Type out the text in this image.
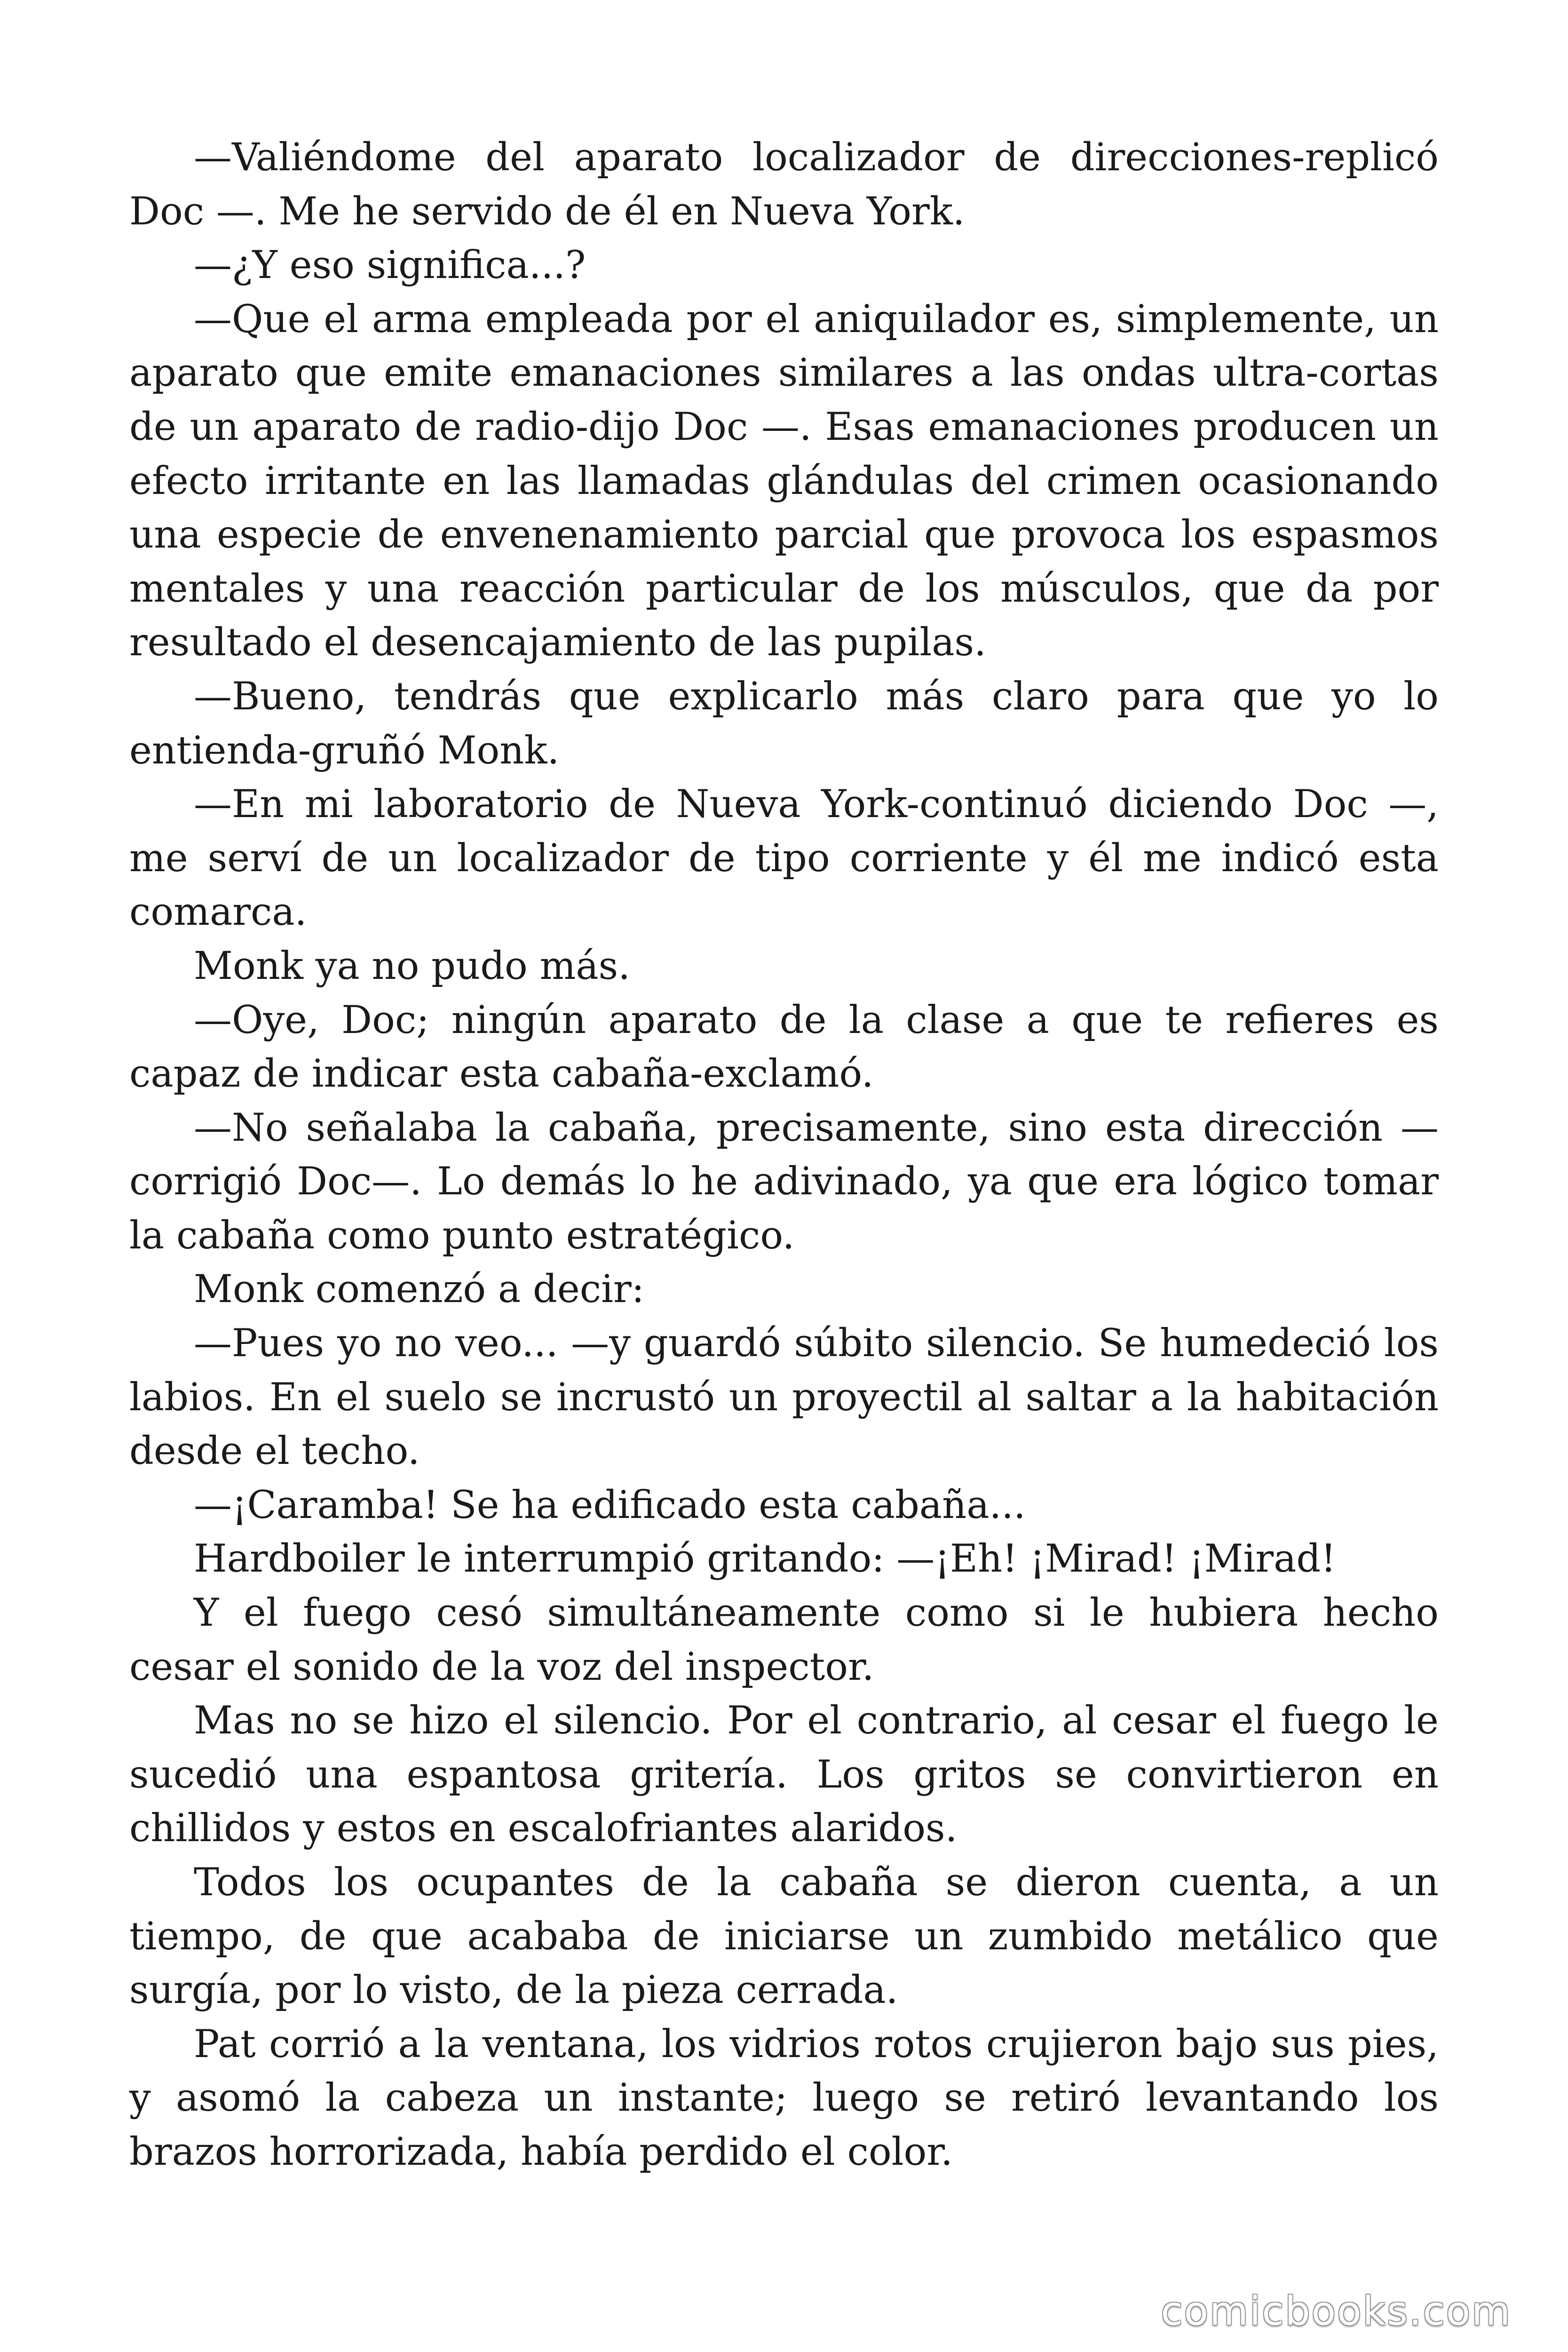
—Valiéndome del aparato localizador de direcciones-replicó Doc —. Me he servido de él en Nueva York.

—¿Y eso significa...?

—Que el arma empleada por el aniquilador es, simplemente, un aparato que emite emanaciones similares a las ondas ultra-cortas de un aparato de radio-dijo Doc —. Esas emanaciones producen un efecto irritante en las llamadas glándulas del crimen ocasionando una especie de envenenamiento parcial que provoca los espasmos mentales y una reacción particular de los músculos, que da por resultado el desencajamiento de las pupilas.

—Bueno, tendrás que explicarlo más claro para que yo lo entienda-gruñó Monk.

—En mi laboratorio de Nueva York-continuó diciendo Doc —, me serví de un localizador de tipo corriente y él me indicó esta comarca.

Monk ya no pudo más.

—Oye, Doc; ningún aparato de la clase a que te refieres es capaz de indicar esta cabaña-exclamó.

—No señalaba la cabaña, precisamente, sino esta dirección — corrigió Doc—. Lo demás lo he adivinado, ya que era lógico tomar la cabaña como punto estratégico.

Monk comenzó a decir:

—Pues yo no veo... —y guardó súbito silencio. Se humedeció los labios. En el suelo se incrustó un proyectil al saltar a la habitación desde el techo.

—¡Caramba! Se ha edificado esta cabaña...

Hardboiler le interrumpió gritando: —¡Eh! ¡Mirad! ¡Mirad!

Y el fuego cesó simultáneamente como si le hubiera hecho cesar el sonido de la voz del inspector.

Mas no se hizo el silencio. Por el contrario, al cesar el fuego le sucedió una espantosa gritería. Los gritos se convirtieron en chillidos y estos en escalofriantes alaridos.

Todos los ocupantes de la cabaña se dieron cuenta, a un tiempo, de que acababa de iniciarse un zumbido metálico que surgía, por lo visto, de la pieza cerrada.

Pat corrió a la ventana, los vidrios rotos crujieron bajo sus pies, y asomó la cabeza un instante; luego se retiró levantando los brazos horrorizada, había perdido el color.

comicbooks.com
